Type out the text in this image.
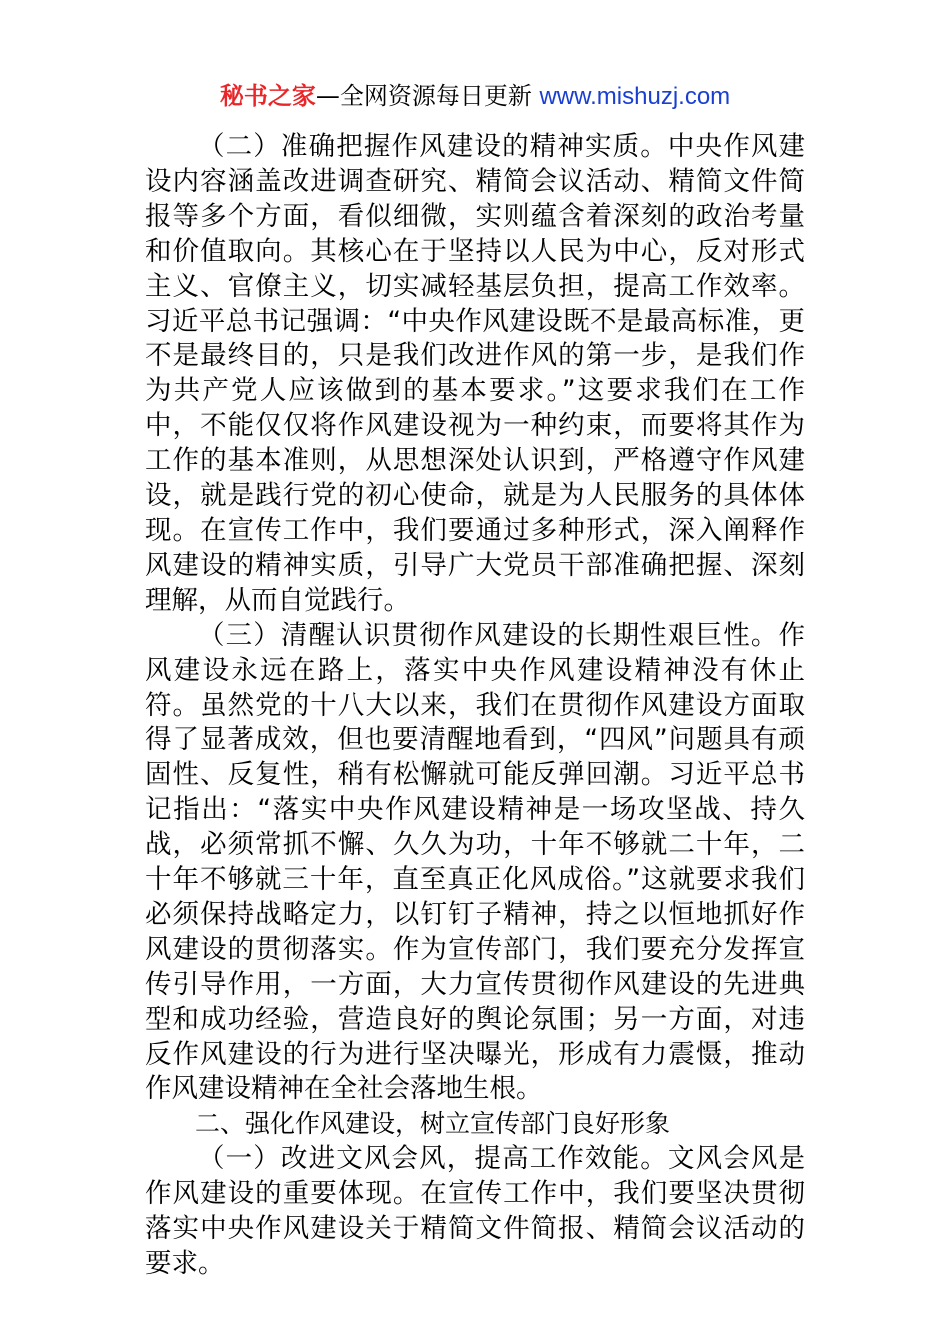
秘书之家—全网资源每日更新 www.mishuzj.com

（二）准确把握作风建设的精神实质。中央作风建设内容涵盖改进调查研究、精简会议活动、精简文件简报等多个方面，看似细微，实则蕴含着深刻的政治考量和价值取向。其核心在于坚持以人民为中心，反对形式主义、官僚主义，切实减轻基层负担，提高工作效率。习近平总书记强调：“中央作风建设既不是最高标准，更不是最终目的，只是我们改进作风的第一步，是我们作为共产党人应该做到的基本要求。”这要求我们在工作中，不能仅仅将作风建设视为一种约束，而要将其作为工作的基本准则，从思想深处认识到，严格遵守作风建设，就是践行党的初心使命，就是为人民服务的具体体现。在宣传工作中，我们要通过多种形式，深入阐释作风建设的精神实质，引导广大党员干部准确把握、深刻理解，从而自觉践行。

（三）清醒认识贯彻作风建设的长期性艰巨性。作风建设永远在路上，落实中央作风建设精神没有休止符。虽然党的十八大以来，我们在贯彻作风建设方面取得了显著成效，但也要清醒地看到，“四风”问题具有顽固性、反复性，稍有松懈就可能反弹回潮。习近平总书记指出：“落实中央作风建设精神是一场攻坚战、持久战，必须常抓不懈、久久为功，十年不够就二十年，二十年不够就三十年，直至真正化风成俗。”这就要求我们必须保持战略定力，以钉钉子精神，持之以恒地抓好作风建设的贯彻落实。作为宣传部门，我们要充分发挥宣传引导作用，一方面，大力宣传贯彻作风建设的先进典型和成功经验，营造良好的舆论氛围；另一方面，对违反作风建设的行为进行坚决曝光，形成有力震慑，推动作风建设精神在全社会落地生根。

二、强化作风建设，树立宣传部门良好形象

（一）改进文风会风，提高工作效能。文风会风是作风建设的重要体现。在宣传工作中，我们要坚决贯彻落实中央作风建设关于精简文件简报、精简会议活动的要求。
